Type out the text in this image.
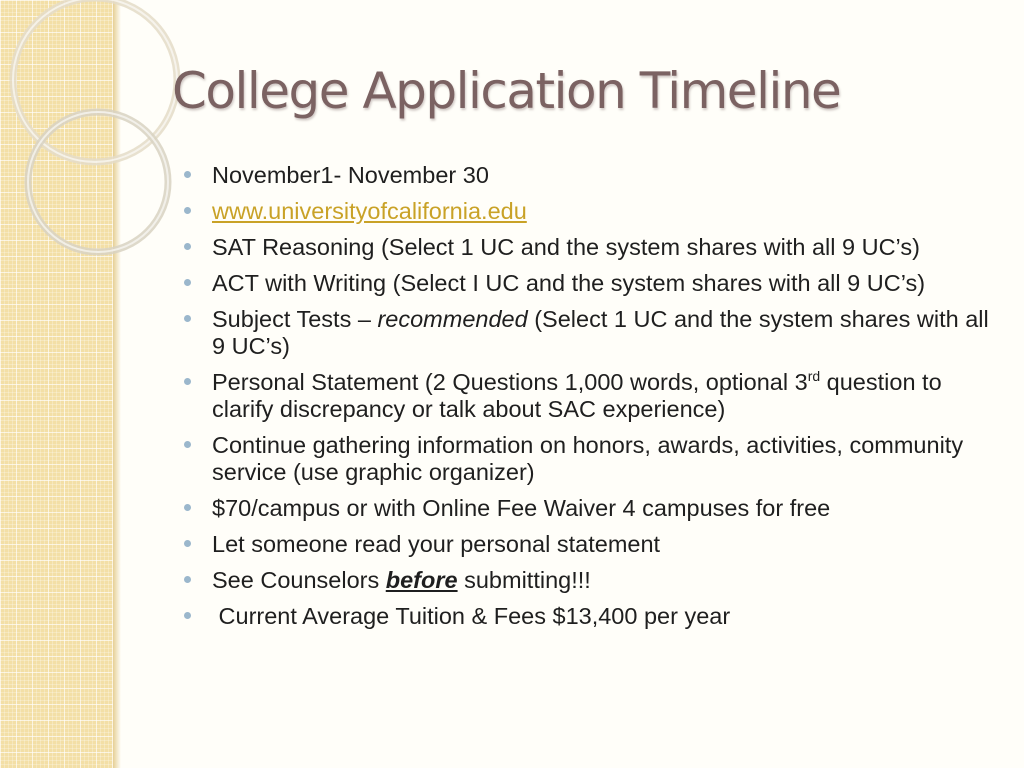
College Application Timeline
November1- November 30
www.universityofcalifornia.edu
SAT Reasoning (Select 1 UC and the system shares with all 9 UC’s)
ACT with Writing (Select I UC and the system shares with all 9 UC’s)
Subject Tests – recommended (Select 1 UC and the system shares with all 9 UC’s)
Personal Statement (2 Questions 1,000 words, optional 3rd question to clarify discrepancy or talk about SAC experience)
Continue gathering information on honors, awards, activities, community service (use graphic organizer)
$70/campus or with Online Fee Waiver 4 campuses for free
Let someone read your personal statement
See Counselors before submitting!!!
Current Average Tuition & Fees $13,400 per year
